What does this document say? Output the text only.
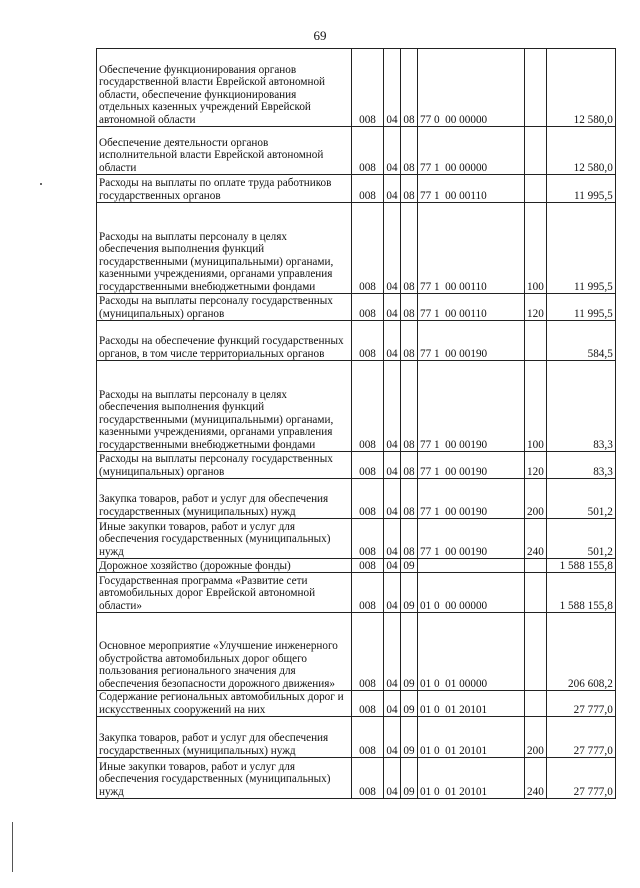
69
Обеспечение функционирования органов государственной власти Еврейской автономной области, обеспечение функционирования отдельных казенных учреждений Еврейской автономной области	008	04	08	77 0  00 00000		12 580,0
Обеспечение деятельности органов исполнительной власти Еврейской автономной области	008	04	08	77 1  00 00000		12 580,0
Расходы на выплаты по оплате труда работников государственных органов	008	04	08	77 1  00 00110		11 995,5
Расходы на выплаты персоналу в целях обеспечения выполнения функций государственными (муниципальными) органами, казенными учреждениями, органами управления государственными внебюджетными фондами	008	04	08	77 1  00 00110	100	11 995,5
Расходы на выплаты персоналу государственных (муниципальных) органов	008	04	08	77 1  00 00110	120	11 995,5
Расходы на обеспечение функций государственных органов, в том числе территориальных органов	008	04	08	77 1  00 00190		584,5
Расходы на выплаты персоналу в целях обеспечения выполнения функций государственными (муниципальными) органами, казенными учреждениями, органами управления государственными внебюджетными фондами	008	04	08	77 1  00 00190	100	83,3
Расходы на выплаты персоналу государственных (муниципальных) органов	008	04	08	77 1  00 00190	120	83,3
Закупка товаров, работ и услуг для обеспечения государственных (муниципальных) нужд	008	04	08	77 1  00 00190	200	501,2
Иные закупки товаров, работ и услуг для обеспечения государственных (муниципальных) нужд	008	04	08	77 1  00 00190	240	501,2
Дорожное хозяйство (дорожные фонды)	008	04	09			1 588 155,8
Государственная программа «Развитие сети автомобильных дорог Еврейской автономной области»	008	04	09	01 0  00 00000		1 588 155,8
Основное мероприятие «Улучшение инженерного обустройства автомобильных дорог общего пользования регионального значения для обеспечения безопасности дорожного движения»	008	04	09	01 0  01 00000		206 608,2
Содержание региональных автомобильных дорог и искусственных сооружений на них	008	04	09	01 0  01 20101		27 777,0
Закупка товаров, работ и услуг для обеспечения государственных (муниципальных) нужд	008	04	09	01 0  01 20101	200	27 777,0
Иные закупки товаров, работ и услуг для обеспечения государственных (муниципальных) нужд	008	04	09	01 0  01 20101	240	27 777,0
